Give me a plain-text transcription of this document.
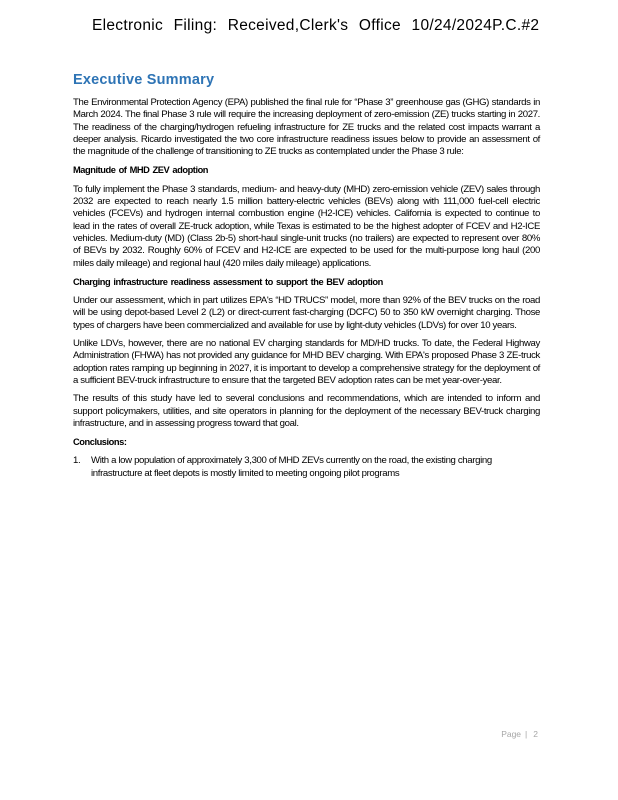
Electronic Filing: Received,Clerk's Office 10/24/2024P.C.#2
Executive Summary

The Environmental Protection Agency (EPA) published the final rule for “Phase 3” greenhouse gas (GHG) standards in March 2024. The final Phase 3 rule will require the increasing deployment of zero-emission (ZE) trucks starting in 2027. The readiness of the charging/hydrogen refueling infrastructure for ZE trucks and the related cost impacts warrant a deeper analysis. Ricardo investigated the two core infrastructure readiness issues below to provide an assessment of the magnitude of the challenge of transitioning to ZE trucks as contemplated under the Phase 3 rule:

Magnitude of MHD ZEV adoption

To fully implement the Phase 3 standards, medium- and heavy-duty (MHD) zero-emission vehicle (ZEV) sales through 2032 are expected to reach nearly 1.5 million battery-electric vehicles (BEVs) along with 111,000 fuel-cell electric vehicles (FCEVs) and hydrogen internal combustion engine (H2-ICE) vehicles. California is expected to continue to lead in the rates of overall ZE-truck adoption, while Texas is estimated to be the highest adopter of FCEV and H2-ICE vehicles. Medium-duty (MD) (Class 2b-5) short-haul single-unit trucks (no trailers) are expected to represent over 80% of BEVs by 2032. Roughly 60% of FCEV and H2-ICE are expected to be used for the multi-purpose long haul (200 miles daily mileage) and regional haul (420 miles daily mileage) applications.

Charging infrastructure readiness assessment to support the BEV adoption

Under our assessment, which in part utilizes EPA's “HD TRUCS” model, more than 92% of the BEV trucks on the road will be using depot-based Level 2 (L2) or direct-current fast-charging (DCFC) 50 to 350 kW overnight charging. Those types of chargers have been commercialized and available for use by light-duty vehicles (LDVs) for over 10 years.

Unlike LDVs, however, there are no national EV charging standards for MD/HD trucks. To date, the Federal Highway Administration (FHWA) has not provided any guidance for MHD BEV charging. With EPA's proposed Phase 3 ZE-truck adoption rates ramping up beginning in 2027, it is important to develop a comprehensive strategy for the deployment of a sufficient BEV-truck infrastructure to ensure that the targeted BEV adoption rates can be met year-over-year.

The results of this study have led to several conclusions and recommendations, which are intended to inform and support policymakers, utilities, and site operators in planning for the deployment of the necessary BEV-truck charging infrastructure, and in assessing progress toward that goal.

Conclusions:

1. With a low population of approximately 3,300 of MHD ZEVs currently on the road, the existing charging infrastructure at fleet depots is mostly limited to meeting ongoing pilot programs
Page | 2
